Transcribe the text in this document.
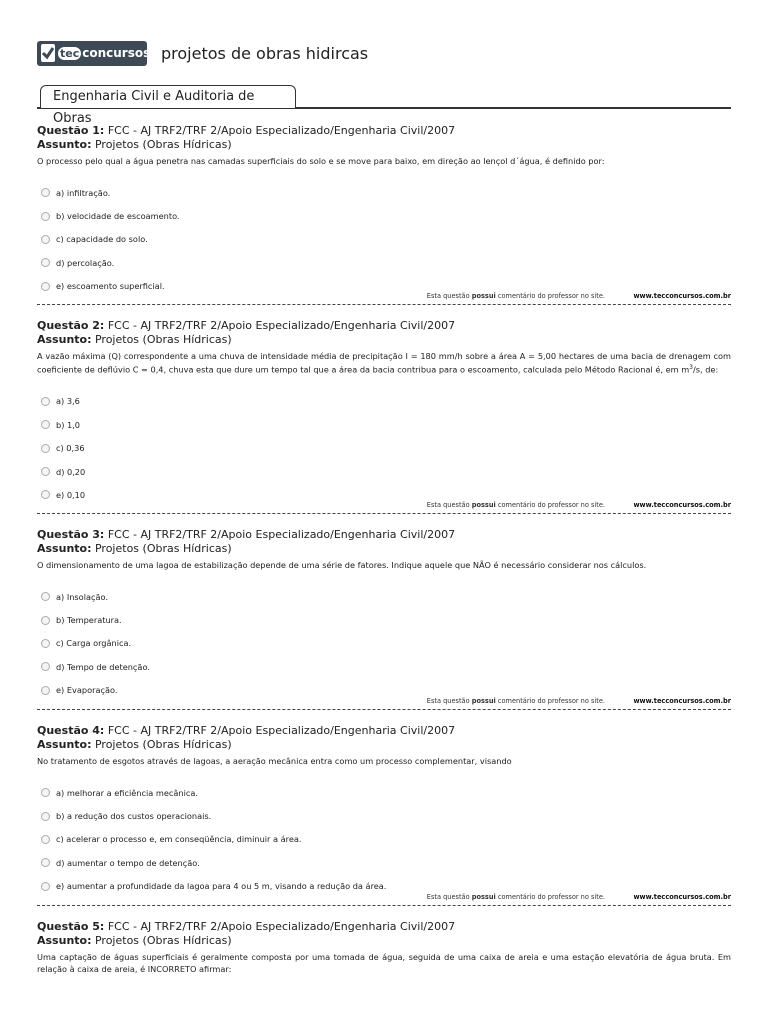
tec concursos projetos de obras hidircas
Engenharia Civil e Auditoria de Obras
Questão 1: FCC - AJ TRF2/TRF 2/Apoio Especializado/Engenharia Civil/2007
Assunto: Projetos (Obras Hídricas)
O processo pelo qual a água penetra nas camadas superficiais do solo e se move para baixo, em direção ao lençol d´água, é definido por:
a) infiltração.
b) velocidade de escoamento.
c) capacidade do solo.
d) percolação.
e) escoamento superficial.
Esta questão possui comentário do professor no site.	www.tecconcursos.com.br
Questão 2: FCC - AJ TRF2/TRF 2/Apoio Especializado/Engenharia Civil/2007
Assunto: Projetos (Obras Hídricas)
A vazão máxima (Q) correspondente a uma chuva de intensidade média de precipitação I = 180 mm/h sobre a área A = 5,00 hectares de uma bacia de drenagem com coeficiente de deflúvio C = 0,4, chuva esta que dure um tempo tal que a área da bacia contribua para o escoamento, calculada pelo Método Racional é, em $m^3/s$, de:
a) 3,6
b) 1,0
c) 0,36
d) 0,20
e) 0,10
Esta questão possui comentário do professor no site.	www.tecconcursos.com.br
Questão 3: FCC - AJ TRF2/TRF 2/Apoio Especializado/Engenharia Civil/2007
Assunto: Projetos (Obras Hídricas)
O dimensionamento de uma lagoa de estabilização depende de uma série de fatores. Indique aquele que NÃO é necessário considerar nos cálculos.
a) Insolação.
b) Temperatura.
c) Carga orgânica.
d) Tempo de detenção.
e) Evaporação.
Esta questão possui comentário do professor no site.	www.tecconcursos.com.br
Questão 4: FCC - AJ TRF2/TRF 2/Apoio Especializado/Engenharia Civil/2007
Assunto: Projetos (Obras Hídricas)
No tratamento de esgotos através de lagoas, a aeração mecânica entra como um processo complementar, visando
a) melhorar a eficiência mecânica.
b) a redução dos custos operacionais.
c) acelerar o processo e, em conseqüência, diminuir a área.
d) aumentar o tempo de detenção.
e) aumentar a profundidade da lagoa para 4 ou 5 m, visando a redução da área.
Esta questão possui comentário do professor no site.	www.tecconcursos.com.br
Questão 5: FCC - AJ TRF2/TRF 2/Apoio Especializado/Engenharia Civil/2007
Assunto: Projetos (Obras Hídricas)
Uma captação de águas superficiais é geralmente composta por uma tomada de água, seguida de uma caixa de areia e uma estação elevatória de água bruta. Em relação à caixa de areia, é INCORRETO afirmar:
